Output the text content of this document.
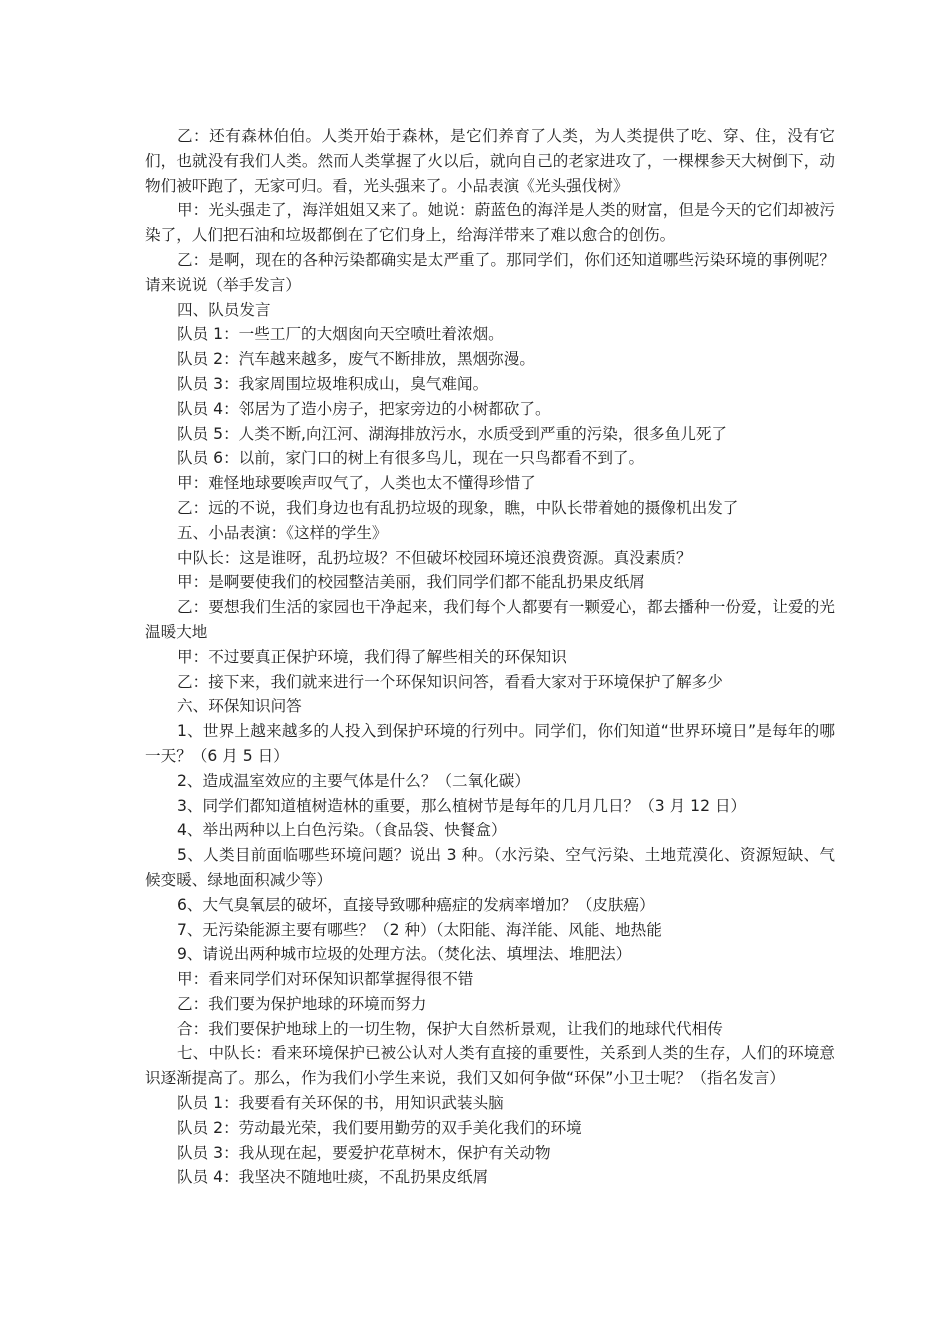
乙：还有森林伯伯。人类开始于森林，是它们养育了人类，为人类提供了吃、穿、住，没有它们，也就没有我们人类。然而人类掌握了火以后，就向自己的老家进攻了，一棵棵参天大树倒下，动物们被吓跑了，无家可归。看，光头强来了。小品表演《光头强伐树》

甲：光头强走了，海洋姐姐又来了。她说：蔚蓝色的海洋是人类的财富，但是今天的它们却被污染了，人们把石油和垃圾都倒在了它们身上，给海洋带来了难以愈合的创伤。

乙：是啊，现在的各种污染都确实是太严重了。那同学们，你们还知道哪些污染环境的事例呢？请来说说（举手发言）

四、队员发言

队员 1：一些工厂的大烟囱向天空喷吐着浓烟。

队员 2：汽车越来越多，废气不断排放，黑烟弥漫。

队员 3：我家周围垃圾堆积成山，臭气难闻。

队员 4：邻居为了造小房子，把家旁边的小树都砍了。

队员 5：人类不断,向江河、湖海排放污水，水质受到严重的污染，很多鱼儿死了

队员 6：以前，家门口的树上有很多鸟儿，现在一只鸟都看不到了。

甲：难怪地球要唉声叹气了，人类也太不懂得珍惜了

乙：远的不说，我们身边也有乱扔垃圾的现象，瞧，中队长带着她的摄像机出发了

五、小品表演：《这样的学生》

中队长：这是谁呀，乱扔垃圾？不但破坏校园环境还浪费资源。真没素质？

甲：是啊要使我们的校园整洁美丽，我们同学们都不能乱扔果皮纸屑

乙：要想我们生活的家园也干净起来，我们每个人都要有一颗爱心，都去播种一份爱，让爱的光温暖大地

甲：不过要真正保护环境，我们得了解些相关的环保知识

乙：接下来，我们就来进行一个环保知识问答，看看大家对于环境保护了解多少

六、环保知识问答

1、世界上越来越多的人投入到保护环境的行列中。同学们，你们知道“世界环境日”是每年的哪一天？（6 月 5 日）

2、造成温室效应的主要气体是什么？（二氧化碳）

3、同学们都知道植树造林的重要，那么植树节是每年的几月几日？（3 月 12 日）

4、举出两种以上白色污染。（食品袋、快餐盒）

5、人类目前面临哪些环境问题？说出 3 种。（水污染、空气污染、土地荒漠化、资源短缺、气候变暖、绿地面积减少等）

6、大气臭氧层的破坏，直接导致哪种癌症的发病率增加？（皮肤癌）

7、无污染能源主要有哪些？（2 种）（太阳能、海洋能、风能、地热能

9、请说出两种城市垃圾的处理方法。（焚化法、填埋法、堆肥法）

甲：看来同学们对环保知识都掌握得很不错

乙：我们要为保护地球的环境而努力

合：我们要保护地球上的一切生物，保护大自然析景观，让我们的地球代代相传

七、中队长：看来环境保护已被公认对人类有直接的重要性，关系到人类的生存，人们的环境意识逐渐提高了。那么，作为我们小学生来说，我们又如何争做“环保”小卫士呢？（指名发言）

队员 1：我要看有关环保的书，用知识武装头脑

队员 2：劳动最光荣，我们要用勤劳的双手美化我们的环境

队员 3：我从现在起，要爱护花草树木，保护有关动物

队员 4：我坚决不随地吐痰，不乱扔果皮纸屑
